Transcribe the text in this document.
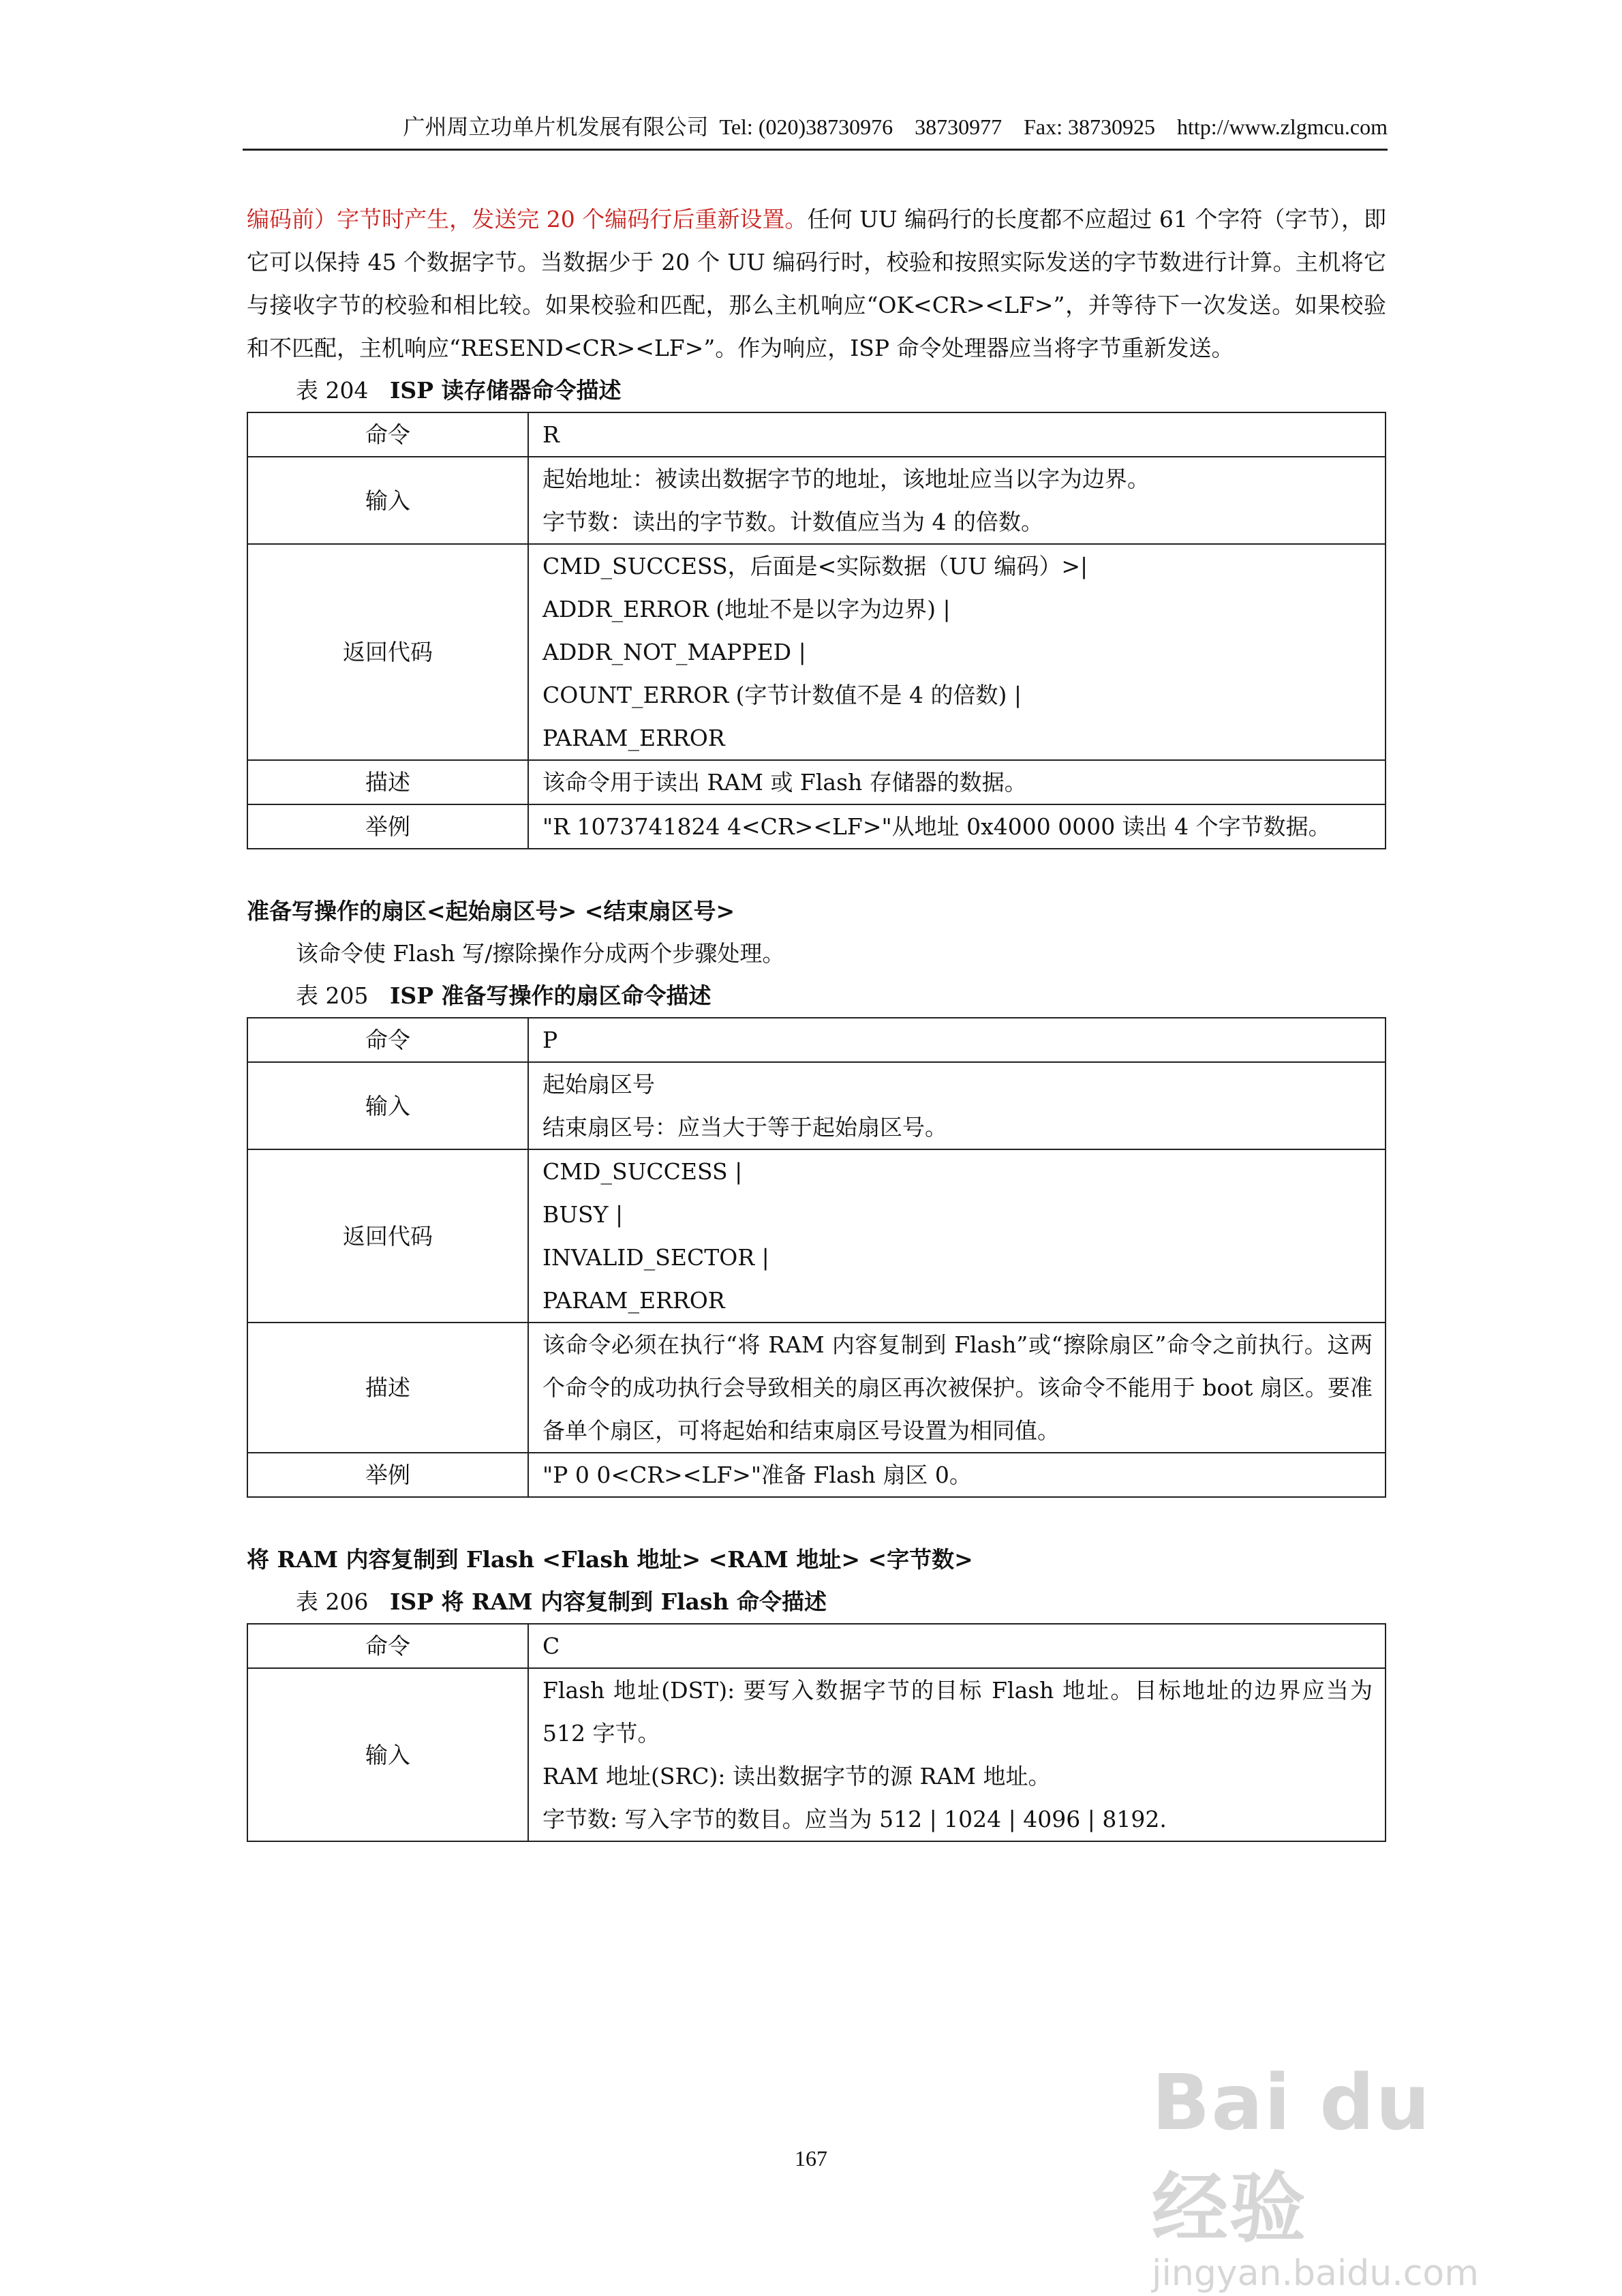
广州周立功单片机发展有限公司 Tel: (020)38730976 38730977 Fax: 38730925 http://www.zlgmcu.com

编码前）字节时产生，发送完 20 个编码行后重新设置。任何 UU 编码行的长度都不应超过 61 个字符（字节），即它可以保持 45 个数据字节。当数据少于 20 个 UU 编码行时，校验和按照实际发送的字节数进行计算。主机将它与接收字节的校验和相比较。如果校验和匹配，那么主机响应“OK<CR><LF>”，并等待下一次发送。如果校验和不匹配，主机响应“RESEND<CR><LF>”。作为响应，ISP 命令处理器应当将字节重新发送。

表 204 ISP 读存储器命令描述

命令	R
输入	起始地址：被读出数据字节的地址，该地址应当以字为边界。
字节数：读出的字节数。计数值应当为 4 的倍数。

返回代码	CMD_SUCCESS，后面是<实际数据（UU 编码）>|
ADDR_ERROR (地址不是以字为边界) |
ADDR_NOT_MAPPED |
COUNT_ERROR (字节计数值不是 4 的倍数) |
PARAM_ERROR

描述	该命令用于读出 RAM 或 Flash 存储器的数据。
举例	"R 1073741824 4<CR><LF>"从地址 0x4000 0000 读出 4 个字节数据。

准备写操作的扇区<起始扇区号> <结束扇区号>

该命令使 Flash 写/擦除操作分成两个步骤处理。

表 205 ISP 准备写操作的扇区命令描述

命令	P
输入	起始扇区号
结束扇区号：应当大于等于起始扇区号。

返回代码	CMD_SUCCESS |
BUSY |
INVALID_SECTOR |
PARAM_ERROR

描述	该命令必须在执行“将 RAM 内容复制到 Flash”或“擦除扇区”命令之前执行。这两个命令的成功执行会导致相关的扇区再次被保护。该命令不能用于 boot 扇区。要准备单个扇区，可将起始和结束扇区号设置为相同值。
举例	"P 0 0<CR><LF>"准备 Flash 扇区 0。

将 RAM 内容复制到 Flash <Flash 地址> <RAM 地址> <字节数>

表 206 ISP 将 RAM 内容复制到 Flash 命令描述

命令	C
输入	Flash 地址(DST): 要写入数据字节的目标 Flash 地址。目标地址的边界应当为 512 字节。
RAM 地址(SRC): 读出数据字节的源 RAM 地址。
字节数: 写入字节的数目。应当为 512 | 1024 | 4096 | 8192.
167
Bai du 经验
jingyan.baidu.com
